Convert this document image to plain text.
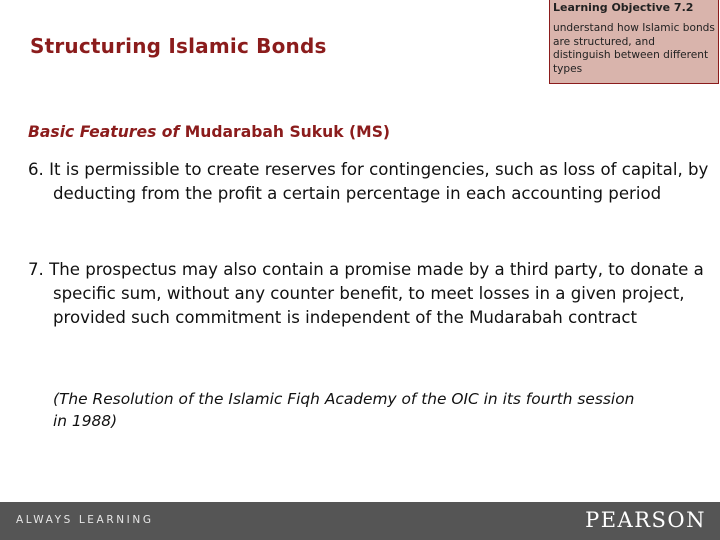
Structuring Islamic Bonds
Learning Objective 7.2
understand how Islamic bonds are structured, and distinguish between different types
Basic Features of Mudarabah Sukuk (MS)
6. It is permissible to create reserves for contingencies, such as loss of capital, by deducting from the profit a certain percentage in each accounting period
7. The prospectus may also contain a promise made by a third party, to donate a specific sum, without any counter benefit, to meet losses in a given project, provided such commitment is independent of the Mudarabah contract
(The Resolution of the Islamic Fiqh Academy of the OIC in its fourth session in 1988)
ALWAYS LEARNING	PEARSON
